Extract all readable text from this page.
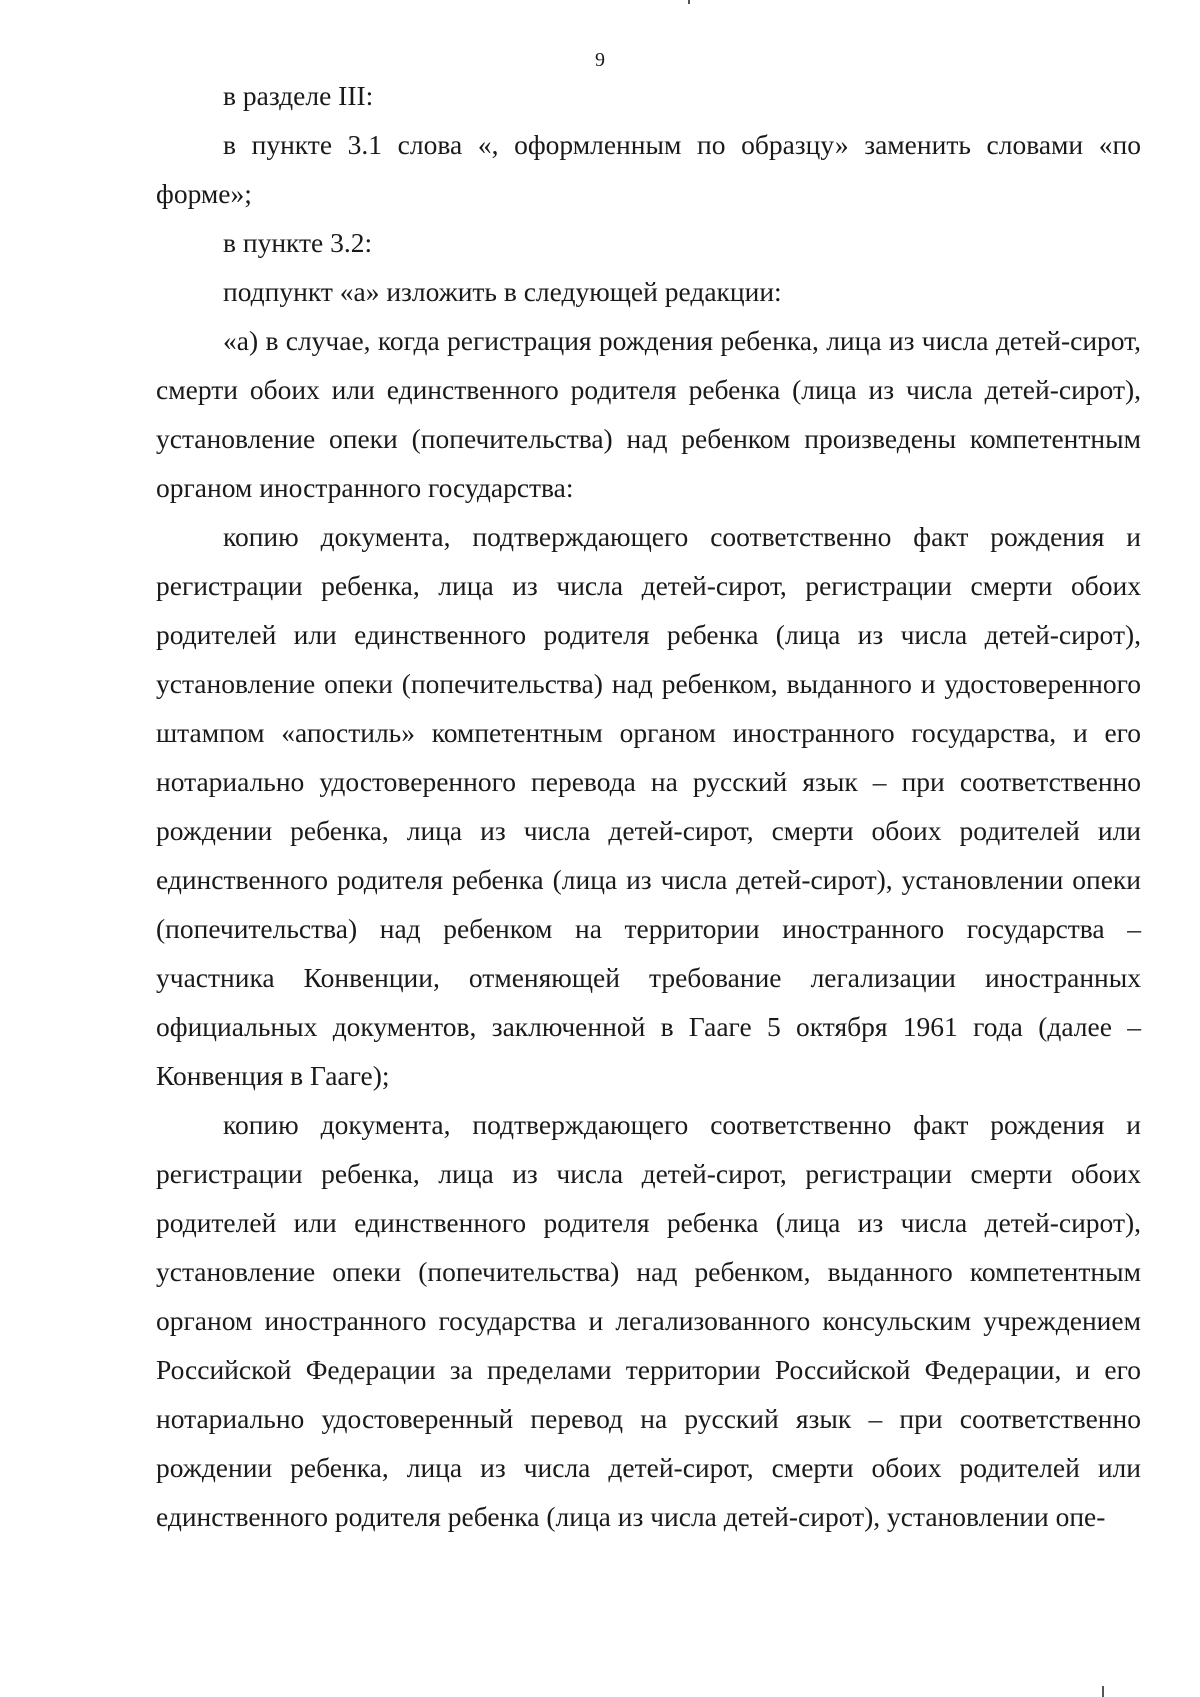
9

в разделе III:

в пункте 3.1 слова «, оформленным по образцу» заменить словами «по форме»;

в пункте 3.2:

подпункт «а» изложить в следующей редакции:

«а) в случае, когда регистрация рождения ребенка, лица из числа детей-сирот, смерти обоих или единственного родителя ребенка (лица из числа детей-сирот), установление опеки (попечительства) над ребенком произведены компетентным органом иностранного государства:

копию документа, подтверждающего соответственно факт рождения и регистрации ребенка, лица из числа детей-сирот, регистрации смерти обоих родителей или единственного родителя ребенка (лица из числа детей-сирот), установление опеки (попечительства) над ребенком, выданного и удостоверенного штампом «апостиль» компетентным органом иностранного государства, и его нотариально удостоверенного перевода на русский язык – при соответственно рождении ребенка, лица из числа детей-сирот, смерти обоих родителей или единственного родителя ребенка (лица из числа детей-сирот), установлении опеки (попечительства) над ребенком на территории иностранного государства – участника Конвенции, отменяющей требование легализации иностранных официальных документов, заключенной в Гааге 5 октября 1961 года (далее – Конвенция в Гааге);

копию документа, подтверждающего соответственно факт рождения и регистрации ребенка, лица из числа детей-сирот, регистрации смерти обоих родителей или единственного родителя ребенка (лица из числа детей-сирот), установление опеки (попечительства) над ребенком, выданного компетентным органом иностранного государства и легализованного консульским учреждением Российской Федерации за пределами территории Российской Федерации, и его нотариально удостоверенный перевод на русский язык – при соответственно рождении ребенка, лица из числа детей-сирот, смерти обоих родителей или единственного родителя ребенка (лица из числа детей-сирот), установлении опе-
